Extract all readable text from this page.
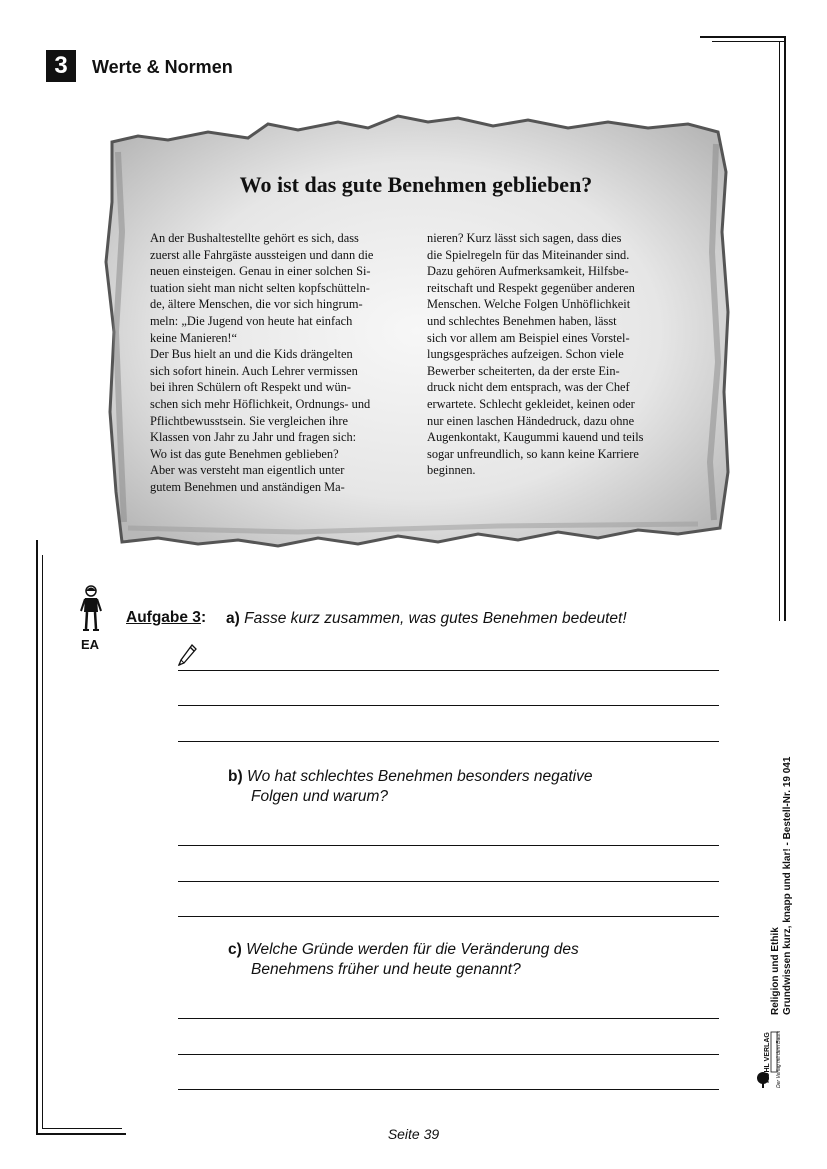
3	Werte & Normen
Wo ist das gute Benehmen geblieben?
An der Bushaltestellte gehört es sich, dass
zuerst alle Fahrgäste aussteigen und dann die
neuen einsteigen. Genau in einer solchen Si-
tuation sieht man nicht selten kopfschütteln-
de, ältere Menschen, die vor sich hingrum-
meln: „Die Jugend von heute hat einfach
keine Manieren!“
Der Bus hielt an und die Kids drängelten
sich sofort hinein. Auch Lehrer vermissen
bei ihren Schülern oft Respekt und wün-
schen sich mehr Höflichkeit, Ordnungs- und
Pflichtbewusstsein. Sie vergleichen ihre
Klassen von Jahr zu Jahr und fragen sich:
Wo ist das gute Benehmen geblieben?
Aber was versteht man eigentlich unter
gutem Benehmen und anständigen Ma-
nieren? Kurz lässt sich sagen, dass dies
die Spielregeln für das Miteinander sind.
Dazu gehören Aufmerksamkeit, Hilfsbe-
reitschaft und Respekt gegenüber anderen
Menschen. Welche Folgen Unhöflichkeit
und schlechtes Benehmen haben, lässt
sich vor allem am Beispiel eines Vorstel-
lungsgespräches aufzeigen. Schon viele
Bewerber scheiterten, da der erste Ein-
druck nicht dem entsprach, was der Chef
erwartete. Schlecht gekleidet, keinen oder
nur einen laschen Händedruck, dazu ohne
Augenkontakt, Kaugummi kauend und teils
sogar unfreundlich, so kann keine Karriere
beginnen.
EA
Aufgabe 3: a) Fasse kurz zusammen, was gutes Benehmen bedeutet!
b) Wo hat schlechtes Benehmen besonders negative
Folgen und warum?
c) Welche Gründe werden für die Veränderung des
Benehmens früher und heute genannt?
Seite 39
Religion und Ethik Grundwissen kurz, knapp und klar! - Bestell-Nr. 19 041
KOHL VERLAG Der Verlag mit dem Baum
